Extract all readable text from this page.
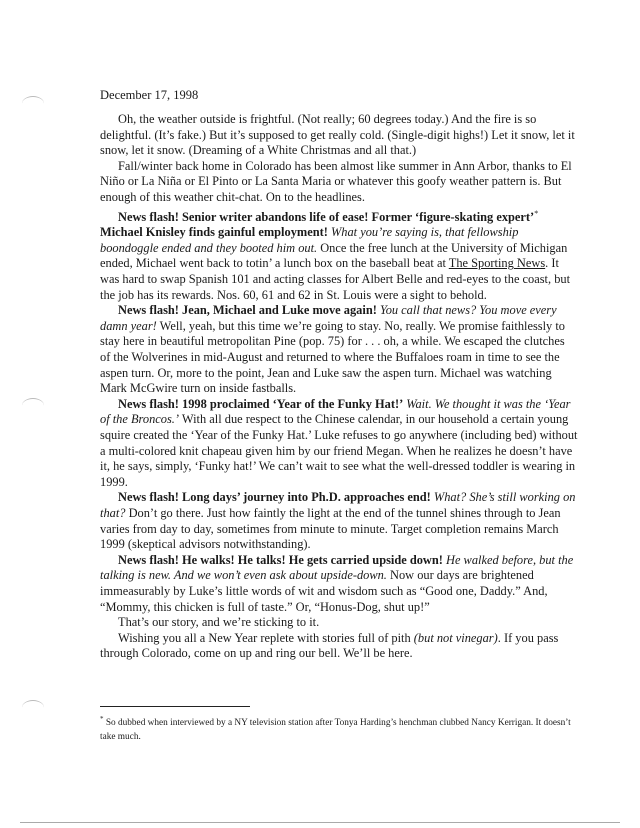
December 17, 1998

Oh, the weather outside is frightful. (Not really; 60 degrees today.) And the fire is so delightful. (It’s fake.) But it’s supposed to get really cold. (Single-digit highs!) Let it snow, let it snow, let it snow. (Dreaming of a White Christmas and all that.)

Fall/winter back home in Colorado has been almost like summer in Ann Arbor, thanks to El Niño or La Niña or El Pinto or La Santa Maria or whatever this goofy weather pattern is. But enough of this weather chit-chat. On to the headlines.

News flash! Senior writer abandons life of ease! Former ‘figure-skating expert’* Michael Knisley finds gainful employment! What you’re saying is, that fellowship boondoggle ended and they booted him out. Once the free lunch at the University of Michigan ended, Michael went back to totin’ a lunch box on the baseball beat at The Sporting News. It was hard to swap Spanish 101 and acting classes for Albert Belle and red-eyes to the coast, but the job has its rewards. Nos. 60, 61 and 62 in St. Louis were a sight to behold.

News flash! Jean, Michael and Luke move again! You call that news? You move every damn year! Well, yeah, but this time we’re going to stay. No, really. We promise faithlessly to stay here in beautiful metropolitan Pine (pop. 75) for . . . oh, a while. We escaped the clutches of the Wolverines in mid-August and returned to where the Buffaloes roam in time to see the aspen turn. Or, more to the point, Jean and Luke saw the aspen turn. Michael was watching Mark McGwire turn on inside fastballs.

News flash! 1998 proclaimed ‘Year of the Funky Hat!’ Wait. We thought it was the ‘Year of the Broncos.’ With all due respect to the Chinese calendar, in our household a certain young squire created the ‘Year of the Funky Hat.’ Luke refuses to go anywhere (including bed) without a multi-colored knit chapeau given him by our friend Megan. When he realizes he doesn’t have it, he says, simply, ‘Funky hat!’ We can’t wait to see what the well-dressed toddler is wearing in 1999.

News flash! Long days’ journey into Ph.D. approaches end! What? She’s still working on that? Don’t go there. Just how faintly the light at the end of the tunnel shines through to Jean varies from day to day, sometimes from minute to minute. Target completion remains March 1999 (skeptical advisors notwithstanding).

News flash! He walks! He talks! He gets carried upside down! He walked before, but the talking is new. And we won’t even ask about upside-down. Now our days are brightened immeasurably by Luke’s little words of wit and wisdom such as “Good one, Daddy.” And, “Mommy, this chicken is full of taste.” Or, “Honus-Dog, shut up!”

That’s our story, and we’re sticking to it.

Wishing you all a New Year replete with stories full of pith (but not vinegar). If you pass through Colorado, come on up and ring our bell. We’ll be here.

* So dubbed when interviewed by a NY television station after Tonya Harding’s henchman clubbed Nancy Kerrigan. It doesn’t take much.
